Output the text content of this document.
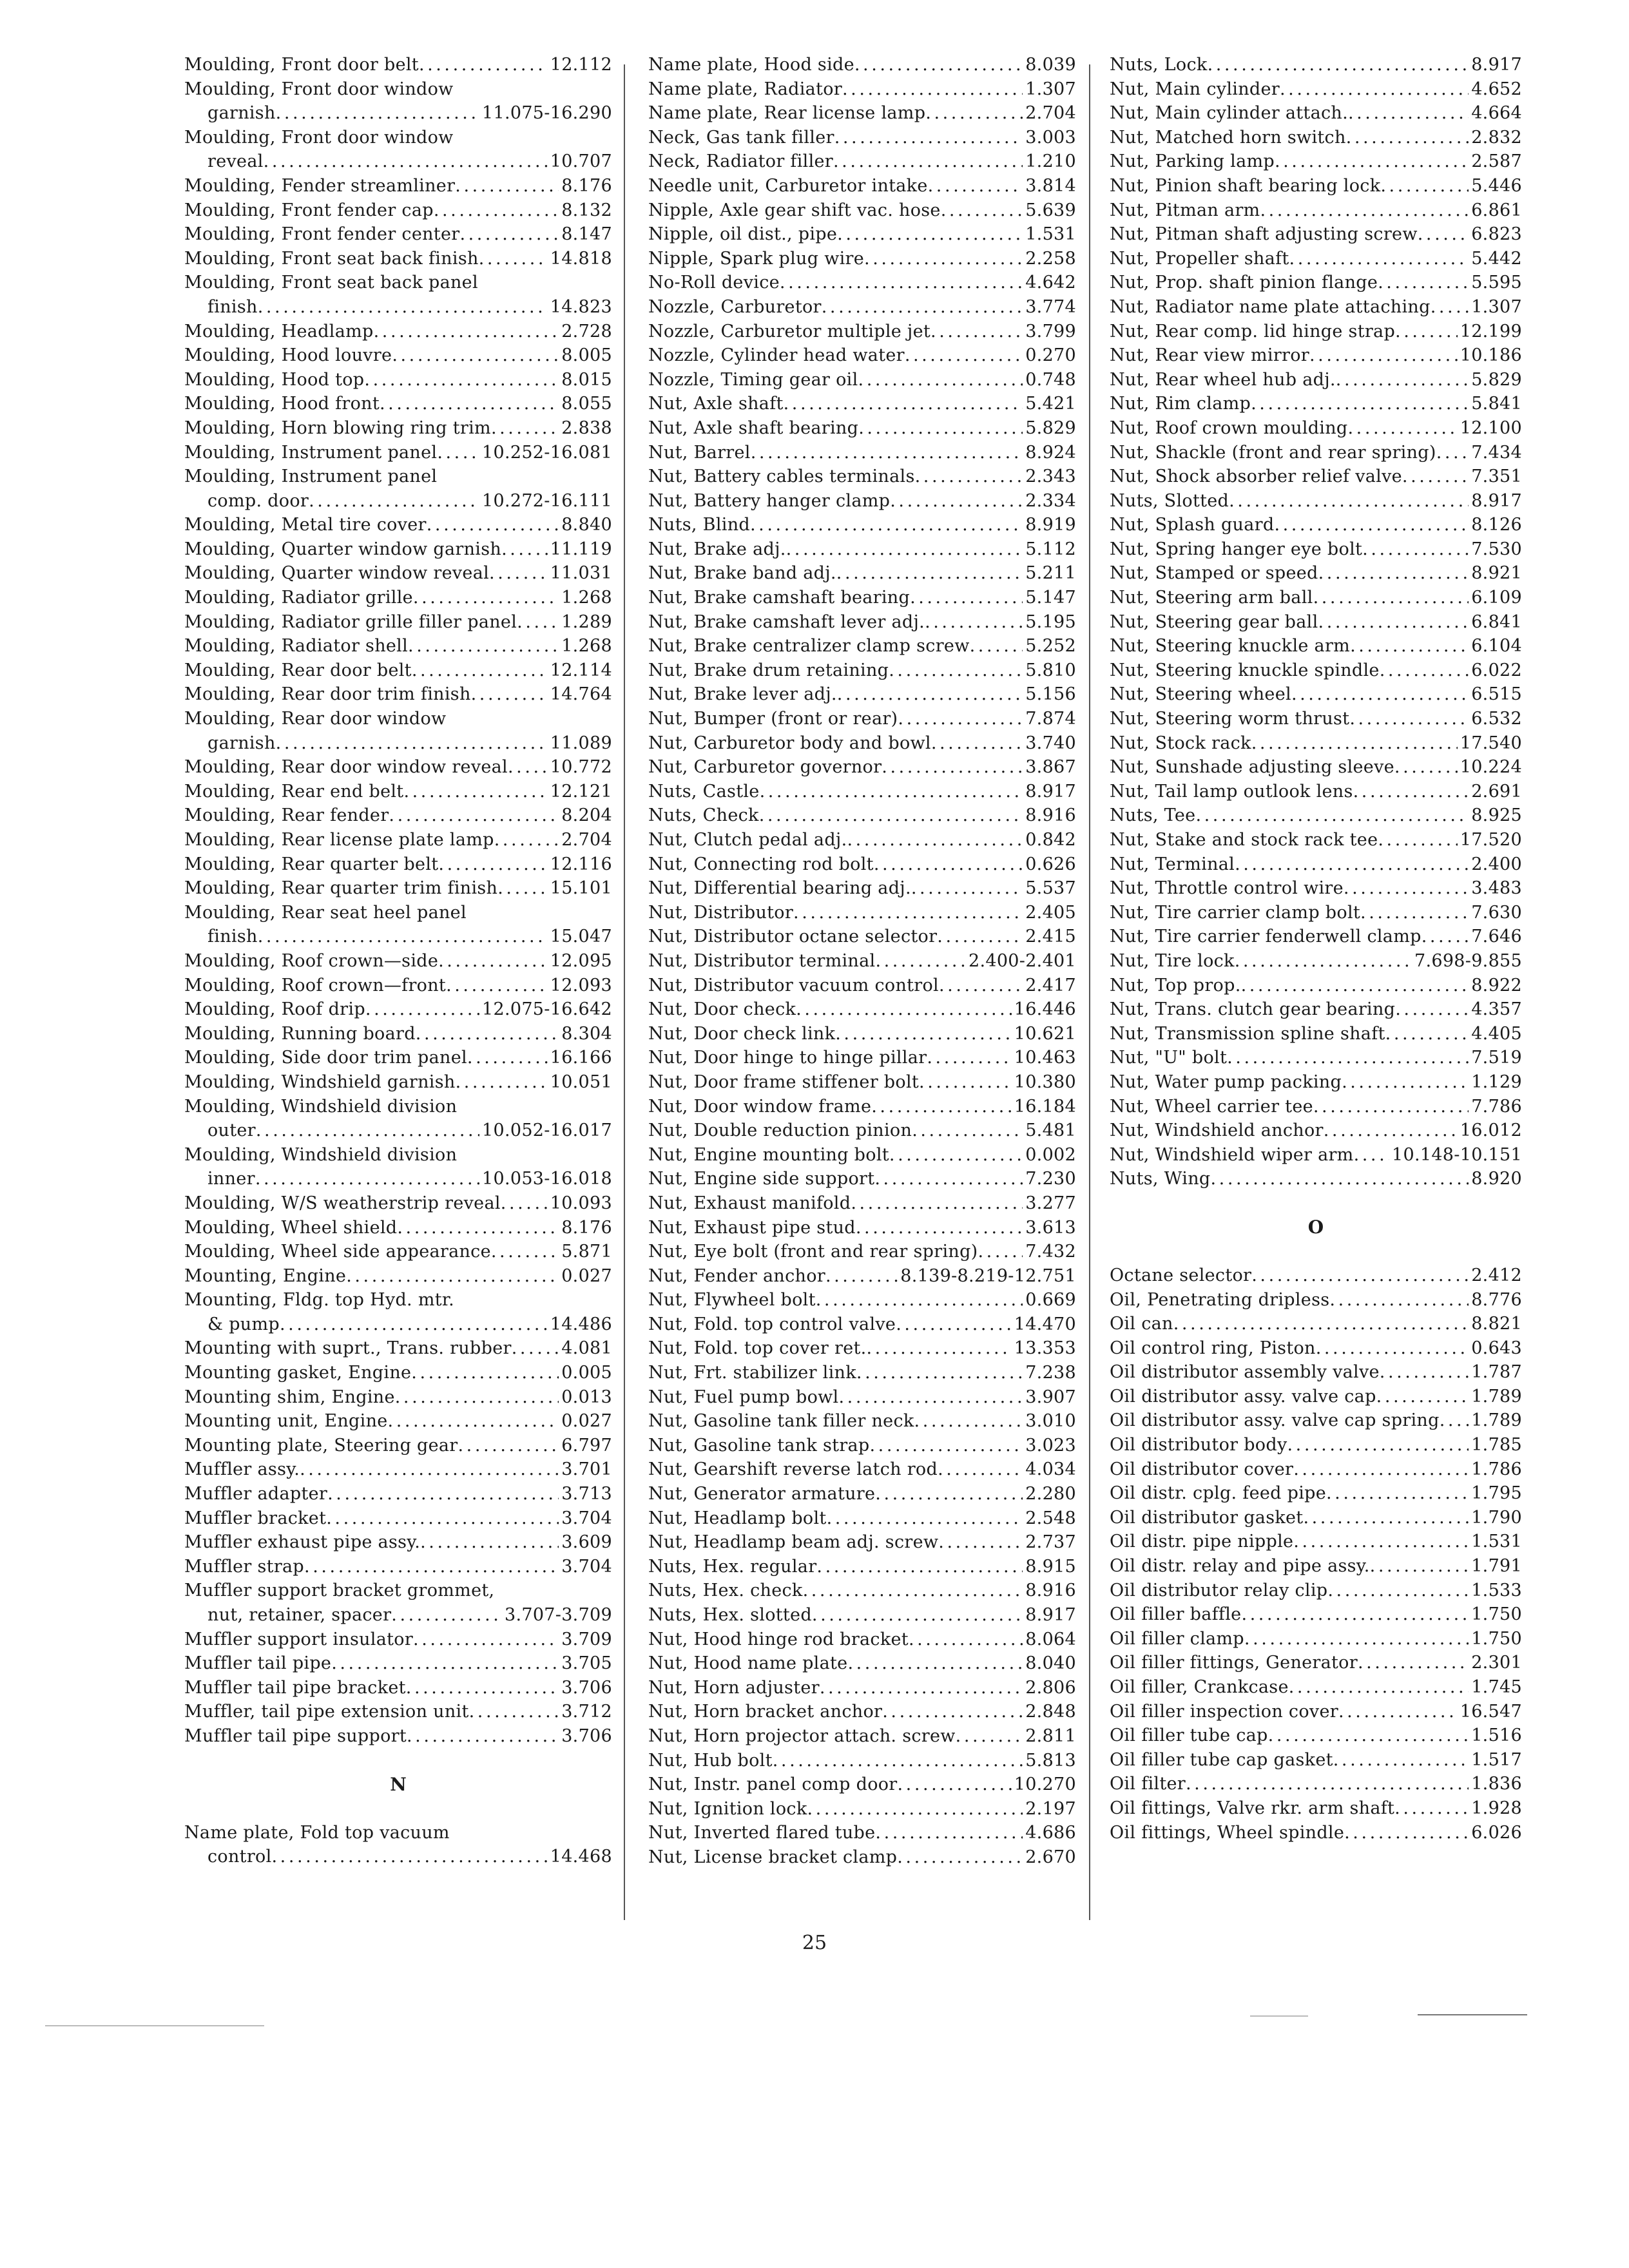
Moulding, Front door belt . . .	12.112
Moulding, Front door window
garnish . . .	11.075-16.290
Moulding, Front door window
reveal . . .	10.707
Moulding, Fender streamliner . . .	8.176
Moulding, Front fender cap . . .	8.132
Moulding, Front fender center . . .	8.147
Moulding, Front seat back finish . . .	14.818
Moulding, Front seat back panel
finish . . .	14.823
Moulding, Headlamp . . .	2.728
Moulding, Hood louvre . . .	8.005
Moulding, Hood top . . .	8.015
Moulding, Hood front . . .	8.055
Moulding, Horn blowing ring trim . . .	2.838
Moulding, Instrument panel . . .	10.252-16.081
Moulding, Instrument panel
comp. door . . .	10.272-16.111
Moulding, Metal tire cover . . .	8.840
Moulding, Quarter window garnish . . .	11.119
Moulding, Quarter window reveal . . .	11.031
Moulding, Radiator grille . . .	1.268
Moulding, Radiator grille filler panel . . .	1.289
Moulding, Radiator shell . . .	1.268
Moulding, Rear door belt . . .	12.114
Moulding, Rear door trim finish . . .	14.764
Moulding, Rear door window
garnish . . .	11.089
Moulding, Rear door window reveal . . . 10.772
Moulding, Rear end belt . . .	12.121
Moulding, Rear fender . . .	8.204
Moulding, Rear license plate lamp . . .	2.704
Moulding, Rear quarter belt . . .	12.116
Moulding, Rear quarter trim finish . . .	15.101
Moulding, Rear seat heel panel
finish . . .	15.047
Moulding, Roof crown—side . . .	12.095
Moulding, Roof crown—front . . .	12.093
Moulding, Roof drip . . .	12.075-16.642
Moulding, Running board . . .	8.304
Moulding, Side door trim panel . . .	16.166
Moulding, Windshield garnish . . .	10.051
Moulding, Windshield division
outer . . .	10.052-16.017
Moulding, Windshield division
inner . . .	10.053-16.018
Moulding, W/S weatherstrip reveal . . .	10.093
Moulding, Wheel shield . . .	8.176
Moulding, Wheel side appearance . . .	5.871
Mounting, Engine . . .	0.027
Mounting, Fldg. top Hyd. mtr.
& pump . . .	14.486
Mounting with suprt., Trans. rubber . . .	4.081
Mounting gasket, Engine . . .	0.005
Mounting shim, Engine . . .	0.013
Mounting unit, Engine . . .	0.027
Mounting plate, Steering gear . . .	6.797
Muffler assy. . . .	3.701
Muffler adapter . . .	3.713
Muffler bracket . . .	3.704
Muffler exhaust pipe assy. . . .	3.609
Muffler strap . . .	3.704
Muffler support bracket grommet,
nut, retainer, spacer . . .	3.707-3.709
Muffler support insulator . . .	3.709
Muffler tail pipe . . .	3.705
Muffler tail pipe bracket . . .	3.706
Muffler, tail pipe extension unit . . .	3.712
Muffler tail pipe support . . .	3.706
N
Name plate, Fold top vacuum
control . . .	14.468
Name plate, Hood side . . .	8.039
Name plate, Radiator . . .	1.307
Name plate, Rear license lamp . . .	2.704
Neck, Gas tank filler . . .	3.003
Neck, Radiator filler . . .	1.210
Needle unit, Carburetor intake . . .	3.814
Nipple, Axle gear shift vac. hose . . .	5.639
Nipple, oil dist., pipe . . .	1.531
Nipple, Spark plug wire . . .	2.258
No-Roll device . . .	4.642
Nozzle, Carburetor . . .	3.774
Nozzle, Carburetor multiple jet . . .	3.799
Nozzle, Cylinder head water . . .	0.270
Nozzle, Timing gear oil . . .	0.748
Nut, Axle shaft . . .	5.421
Nut, Axle shaft bearing . . .	5.829
Nut, Barrel . . .	8.924
Nut, Battery cables terminals . . .	2.343
Nut, Battery hanger clamp . . .	2.334
Nuts, Blind . . .	8.919
Nut, Brake adj. . . .	5.112
Nut, Brake band adj. . . .	5.211
Nut, Brake camshaft bearing . . .	5.147
Nut, Brake camshaft lever adj. . . .	5.195
Nut, Brake centralizer clamp screw . . .	5.252
Nut, Brake drum retaining . . .	5.810
Nut, Brake lever adj. . . .	5.156
Nut, Bumper (front or rear) . . .	7.874
Nut, Carburetor body and bowl . . .	3.740
Nut, Carburetor governor . . .	3.867
Nuts, Castle . . .	8.917
Nuts, Check . . .	8.916
Nut, Clutch pedal adj. . . .	0.842
Nut, Connecting rod bolt . . .	0.626
Nut, Differential bearing adj. . . .	5.537
Nut, Distributor . . .	2.405
Nut, Distributor octane selector . . .	2.415
Nut, Distributor terminal . . .	2.400-2.401
Nut, Distributor vacuum control . . .	2.417
Nut, Door check . . .	16.446
Nut, Door check link . . .	10.621
Nut, Door hinge to hinge pillar . . .	10.463
Nut, Door frame stiffener bolt . . .	10.380
Nut, Door window frame . . .	16.184
Nut, Double reduction pinion . . .	5.481
Nut, Engine mounting bolt . . .	0.002
Nut, Engine side support . . .	7.230
Nut, Exhaust manifold . . .	3.277
Nut, Exhaust pipe stud . . .	3.613
Nut, Eye bolt (front and rear spring) . . .	7.432
Nut, Fender anchor . . .	8.139-8.219-12.751
Nut, Flywheel bolt . . .	0.669
Nut, Fold. top control valve . . .	14.470
Nut, Fold. top cover ret. . . .	13.353
Nut, Frt. stabilizer link . . .	7.238
Nut, Fuel pump bowl . . .	3.907
Nut, Gasoline tank filler neck . . .	3.010
Nut, Gasoline tank strap . . .	3.023
Nut, Gearshift reverse latch rod . . .	4.034
Nut, Generator armature . . .	2.280
Nut, Headlamp bolt . . .	2.548
Nut, Headlamp beam adj. screw . . .	2.737
Nuts, Hex. regular . . .	8.915
Nuts, Hex. check . . .	8.916
Nuts, Hex. slotted . . .	8.917
Nut, Hood hinge rod bracket . . .	8.064
Nut, Hood name plate . . .	8.040
Nut, Horn adjuster . . .	2.806
Nut, Horn bracket anchor . . .	2.848
Nut, Horn projector attach. screw . . .	2.811
Nut, Hub bolt . . .	5.813
Nut, Instr. panel comp door . . .	10.270
Nut, Ignition lock . . .	2.197
Nut, Inverted flared tube . . .	4.686
Nut, License bracket clamp . . .	2.670
Nuts, Lock . . .	8.917
Nut, Main cylinder . . .	4.652
Nut, Main cylinder attach. . . .	4.664
Nut, Matched horn switch . . .	2.832
Nut, Parking lamp . . .	2.587
Nut, Pinion shaft bearing lock . . .	5.446
Nut, Pitman arm . . .	6.861
Nut, Pitman shaft adjusting screw . . .	6.823
Nut, Propeller shaft . . .	5.442
Nut, Prop. shaft pinion flange . . .	5.595
Nut, Radiator name plate attaching . . . 1.307
Nut, Rear comp. lid hinge strap . . .	12.199
Nut, Rear view mirror . . .	10.186
Nut, Rear wheel hub adj. . . .	5.829
Nut, Rim clamp . . .	5.841
Nut, Roof crown moulding . . .	12.100
Nut, Shackle (front and rear spring) . . . 7.434
Nut, Shock absorber relief valve . . .	7.351
Nuts, Slotted . . .	8.917
Nut, Splash guard . . .	8.126
Nut, Spring hanger eye bolt . . .	7.530
Nut, Stamped or speed . . .	8.921
Nut, Steering arm ball . . .	6.109
Nut, Steering gear ball . . .	6.841
Nut, Steering knuckle arm . . .	6.104
Nut, Steering knuckle spindle . . .	6.022
Nut, Steering wheel . . .	6.515
Nut, Steering worm thrust . . .	6.532
Nut, Stock rack . . .	17.540
Nut, Sunshade adjusting sleeve . . .	10.224
Nut, Tail lamp outlook lens . . .	2.691
Nuts, Tee . . .	8.925
Nut, Stake and stock rack tee . . .	17.520
Nut, Terminal . . .	2.400
Nut, Throttle control wire . . .	3.483
Nut, Tire carrier clamp bolt . . .	7.630
Nut, Tire carrier fenderwell clamp . . .	7.646
Nut, Tire lock . . .	7.698-9.855
Nut, Top prop. . . .	8.922
Nut, Trans. clutch gear bearing . . .	4.357
Nut, Transmission spline shaft . . .	4.405
Nut, "U" bolt . . .	7.519
Nut, Water pump packing . . .	1.129
Nut, Wheel carrier tee . . .	7.786
Nut, Windshield anchor . . .	16.012
Nut, Windshield wiper arm . . . 10.148-10.151
Nuts, Wing . . .	8.920
O
Octane selector . . .	2.412
Oil, Penetrating dripless . . .	8.776
Oil can . . .	8.821
Oil control ring, Piston . . .	0.643
Oil distributor assembly valve . . .	1.787
Oil distributor assy. valve cap . . .	1.789
Oil distributor assy. valve cap spring . . . 1.789
Oil distributor body . . .	1.785
Oil distributor cover . . .	1.786
Oil distr. cplg. feed pipe . . .	1.795
Oil distributor gasket . . .	1.790
Oil distr. pipe nipple . . .	1.531
Oil distr. relay and pipe assy. . . .	1.791
Oil distributor relay clip . . .	1.533
Oil filler baffle . . .	1.750
Oil filler clamp . . .	1.750
Oil filler fittings, Generator . . .	2.301
Oil filler, Crankcase . . .	1.745
Oil filler inspection cover . . .	16.547
Oil filler tube cap . . .	1.516
Oil filler tube cap gasket . . .	1.517
Oil filter . . .	1.836
Oil fittings, Valve rkr. arm shaft . . .	1.928
Oil fittings, Wheel spindle . . .	6.026
25
